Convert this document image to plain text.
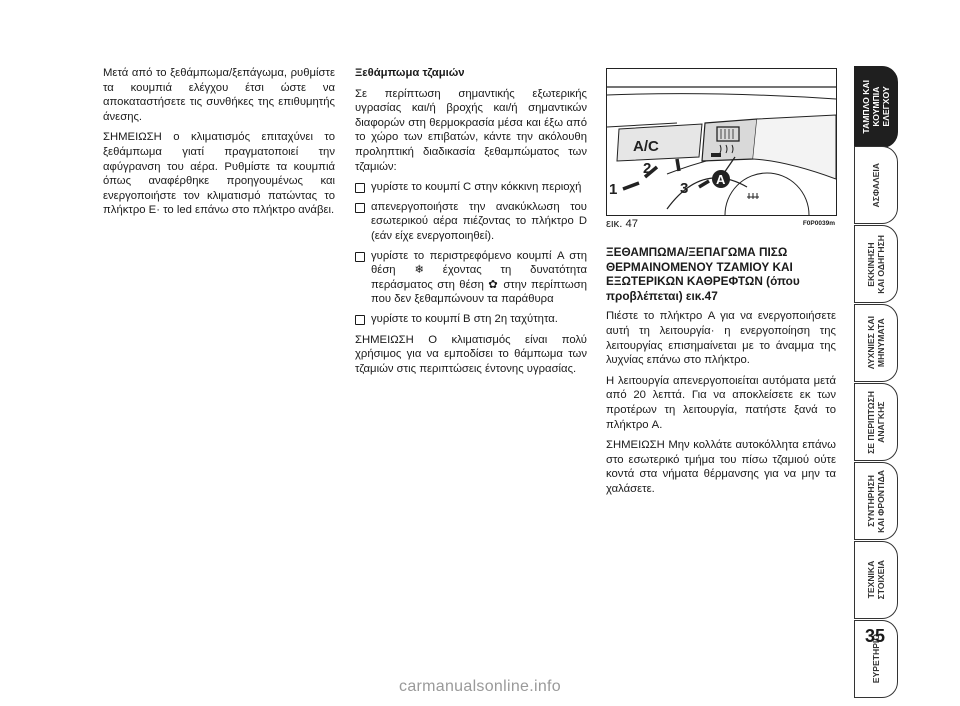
Μετά από το ξεθάμπωμα/ξεπάγωμα, ρυθμίστε τα κουμπιά ελέγχου έτσι ώστε να αποκαταστήσετε τις συνθήκες της επιθυμητής άνεσης.

ΣΗΜΕΙΩΣΗ ο κλιματισμός επιταχύνει το ξεθάμπωμα γιατί πραγματοποιεί την αφύγρανση του αέρα. Ρυθμίστε τα κουμπιά όπως αναφέρθηκε προηγουμένως και ενεργοποιήστε τον κλιματισμό πατώντας το πλήκτρο E· το led επάνω στο πλήκτρο ανάβει.

Ξεθάμπωμα τζαμιών

Σε περίπτωση σημαντικής εξωτερικής υγρασίας και/ή βροχής και/ή σημαντικών διαφορών στη θερμοκρασία μέσα και έξω από το χώρο των επιβατών, κάντε την ακόλουθη προληπτική διαδικασία ξεθαμπώματος των τζαμιών:

γυρίστε το κουμπί C στην κόκκινη περιοχή
απενεργοποιήστε την ανακύκλωση του εσωτερικού αέρα πιέζοντας το πλήκτρο D (εάν είχε ενεργοποιηθεί).
γυρίστε το περιστρεφόμενο κουμπί A στη θέση ❄ έχοντας τη δυνατότητα περάσματος στη θέση ✿ στην περίπτωση που δεν ξεθαμπώνουν τα παράθυρα
γυρίστε το κουμπί B στη 2η ταχύτητα.

ΣΗΜΕΙΩΣΗ Ο κλιματισμός είναι πολύ χρήσιμος για να εμποδίσει το θάμπωμα των τζαμιών στις περιπτώσεις έντονης υγρασίας.

A/C
1
2
3
A
εικ. 47	F0P0039m
ΞΕΘΑΜΠΩΜΑ/ΞΕΠΑΓΩΜΑ ΠΙΣΩ ΘΕΡΜΑΙΝΟΜΕΝΟΥ ΤΖΑΜΙΟΥ ΚΑΙ ΕΞΩΤΕΡΙΚΩΝ ΚΑΘΡΕΦΤΩΝ (όπου προβλέπεται) εικ.47

Πιέστε το πλήκτρο A για να ενεργοποιήσετε αυτή τη λειτουργία· η ενεργοποίηση της λειτουργίας επισημαίνεται με το άναμμα της λυχνίας επάνω στο πλήκτρο.

Η λειτουργία απενεργοποιείται αυτόματα μετά από 20 λεπτά. Για να αποκλείσετε εκ των προτέρων τη λειτουργία, πατήστε ξανά το πλήκτρο A.

ΣΗΜΕΙΩΣΗ Μην κολλάτε αυτοκόλλητα επάνω στο εσωτερικό τμήμα του πίσω τζαμιού ούτε κοντά στα νήματα θέρμανσης για να μην τα χαλάσετε.

ΤΑΜΠΛΟ ΚΑΙ
ΚΟΥΜΠΙΑ
ΕΛΕΓΧΟΥ
ΑΣΦΑΛΕΙΑ
ΕΚΚΙΝΗΣΗ
ΚΑΙ ΟΔΗΓΗΣΗ
ΛΥΧΝΙΕΣ ΚΑΙ
ΜΗΝΥΜΑΤΑ
ΣΕ ΠΕΡΙΠΤΩΣΗ
ΑΝΑΓΚΗΣ
ΣΥΝΤΗΡΗΣΗ
ΚΑΙ ΦΡΟΝΤΙΔΑ
ΤΕΧΝΙΚΑ
ΣΤΟΙΧΕΙΑ
ΕΥΡΕΤΗΡΙΟ
35
carmanualsonline.info
